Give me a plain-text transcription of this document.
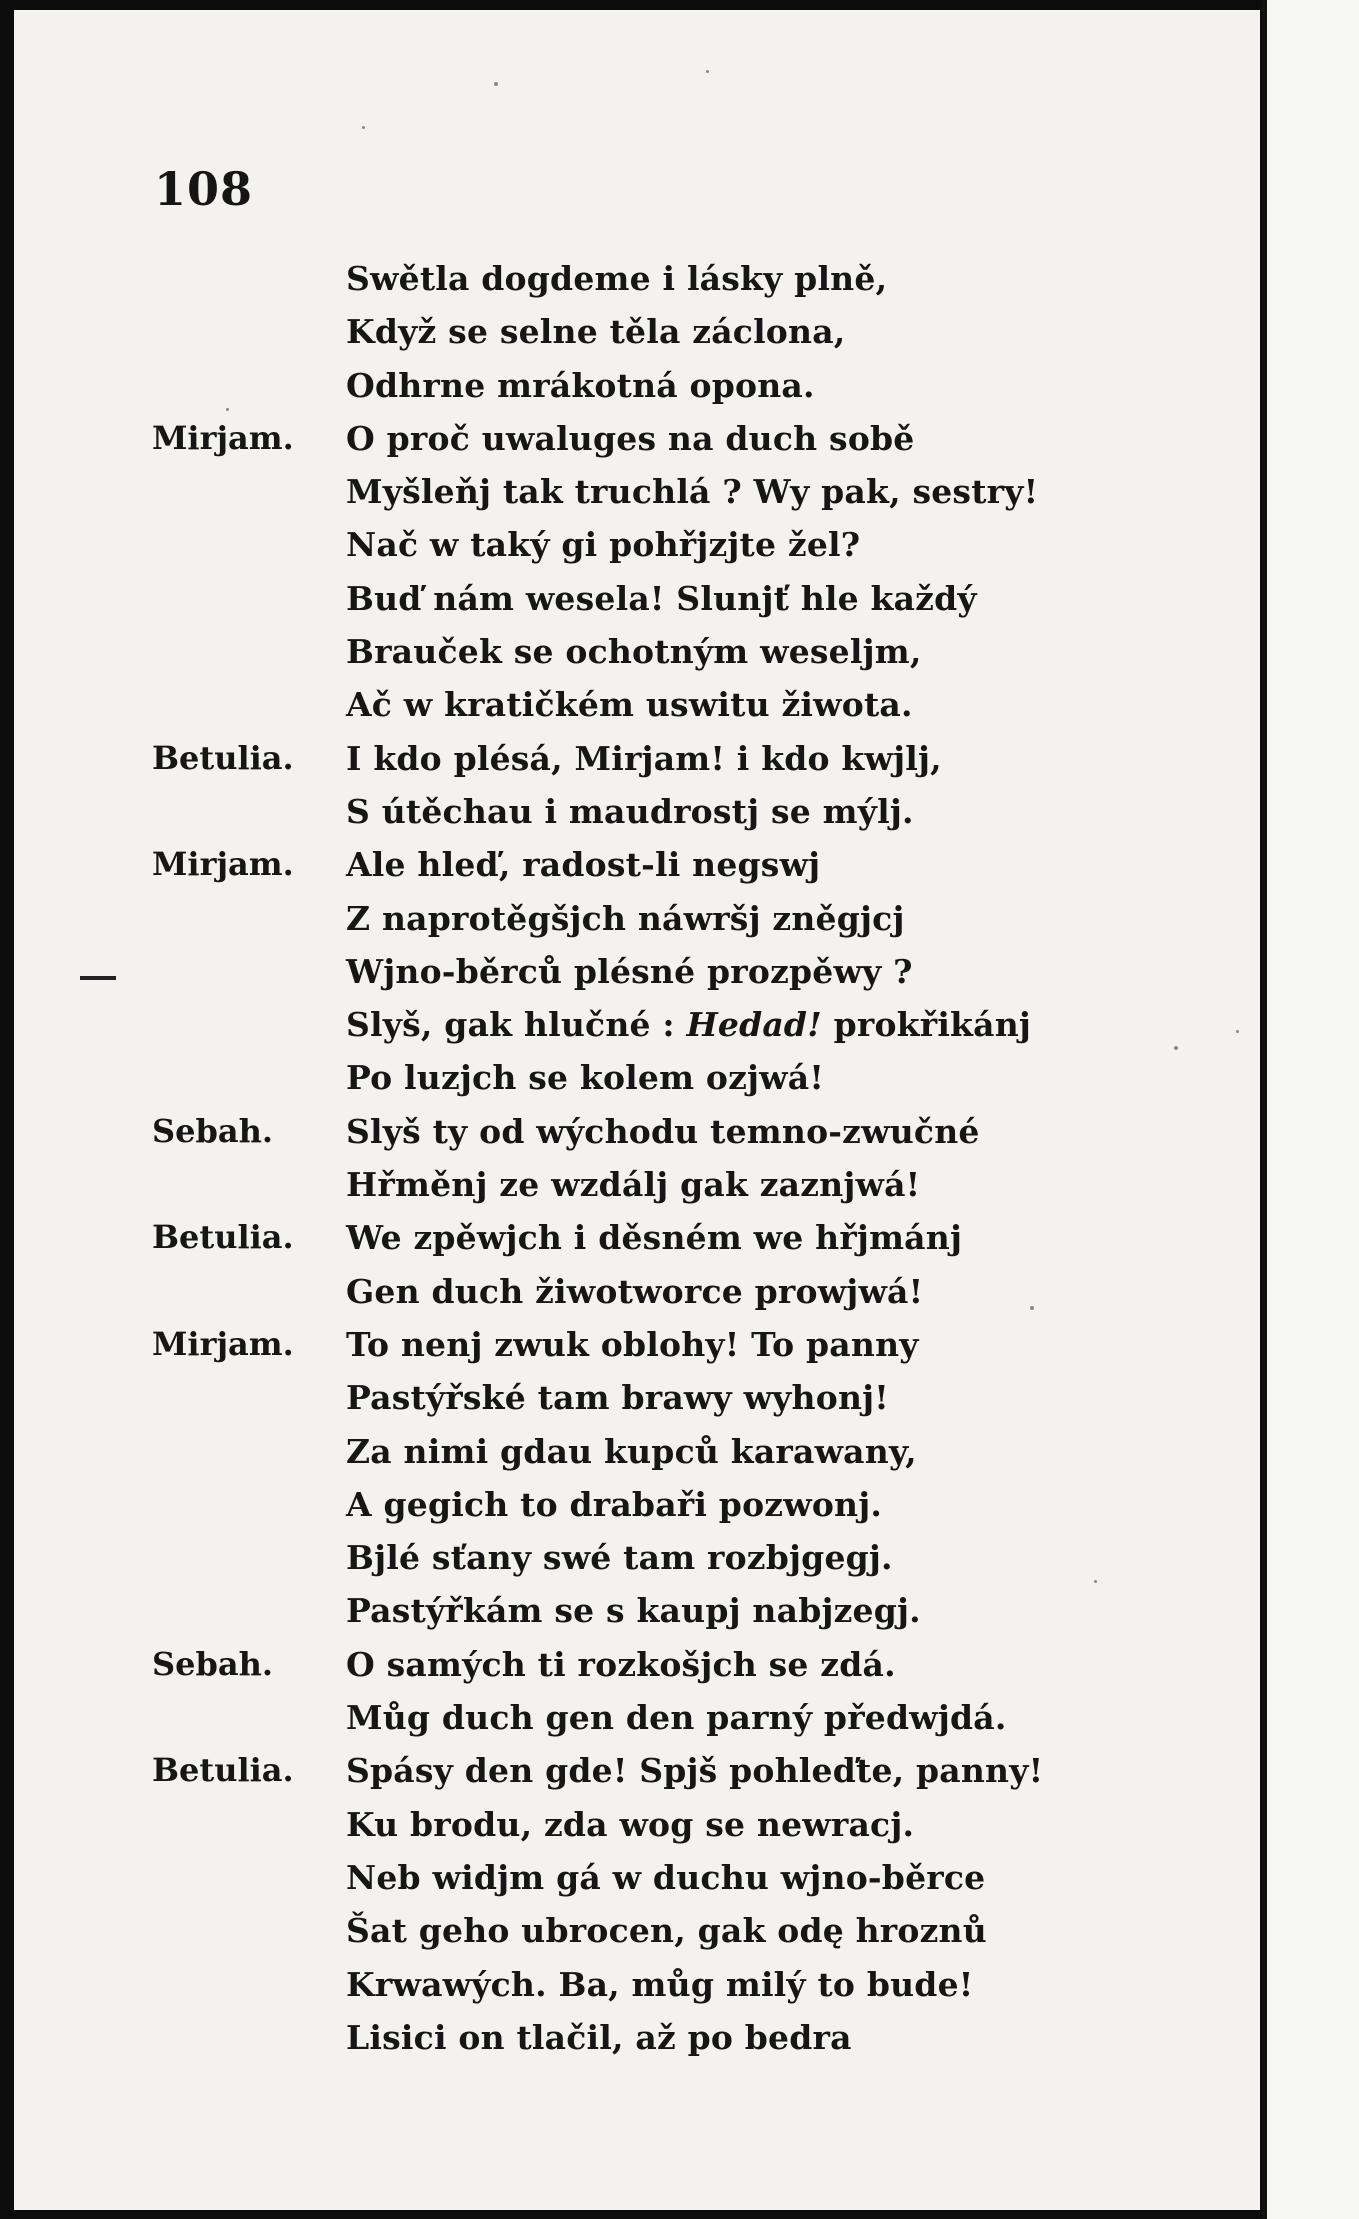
108
Swětla dogdeme i lásky plně,
Když se selne těla záclona,
Odhrne mrákotná opona.
Mirjam. O proč uwaluges na duch sobě
Myšleňj tak truchlá ? Wy pak, sestry!
Nač w taký gi pohřjzjte žel?
Buď nám wesela! Slunjť hle každý
Brauček se ochotným weseljm,
Ač w kratičkém uswitu žiwota.
Betulia. I kdo plésá, Mirjam! i kdo kwjlj,
S útěchau i maudrostj se mýlj.
Mirjam. Ale hleď, radost-li negswj
Z naprotěgšjch náwršj zněgjcj
Wjno-běrců plésné prozpěwy ?
Slyš, gak hlučné : Hedad! prokřikánj
Po luzjch se kolem ozjwá!
Sebah. Slyš ty od wýchodu temno-zwučné
Hřměnj ze wzdálj gak zaznjwá!
Betulia. We zpěwjch i děsném we hřjmánj
Gen duch žiwotworce prowjwá!
Mirjam. To nenj zwuk oblohy! To panny
Pastýřské tam brawy wyhonj!
Za nimi gdau kupců karawany,
A gegich to drabaři pozwonj.
Bjlé sťany swé tam rozbjgegj.
Pastýřkám se s kaupj nabjzegj.
Sebah. O samých ti rozkošjch se zdá.
Můg duch gen den parný předwjdá.
Betulia. Spásy den gde! Spjš pohleďte, panny!
Ku brodu, zda wog se newracj.
Neb widjm gá w duchu wjno-běrce
Šat geho ubrocen, gak odę hroznů
Krwawých. Ba, můg milý to bude!
Lisici on tlačil, až po bedra
